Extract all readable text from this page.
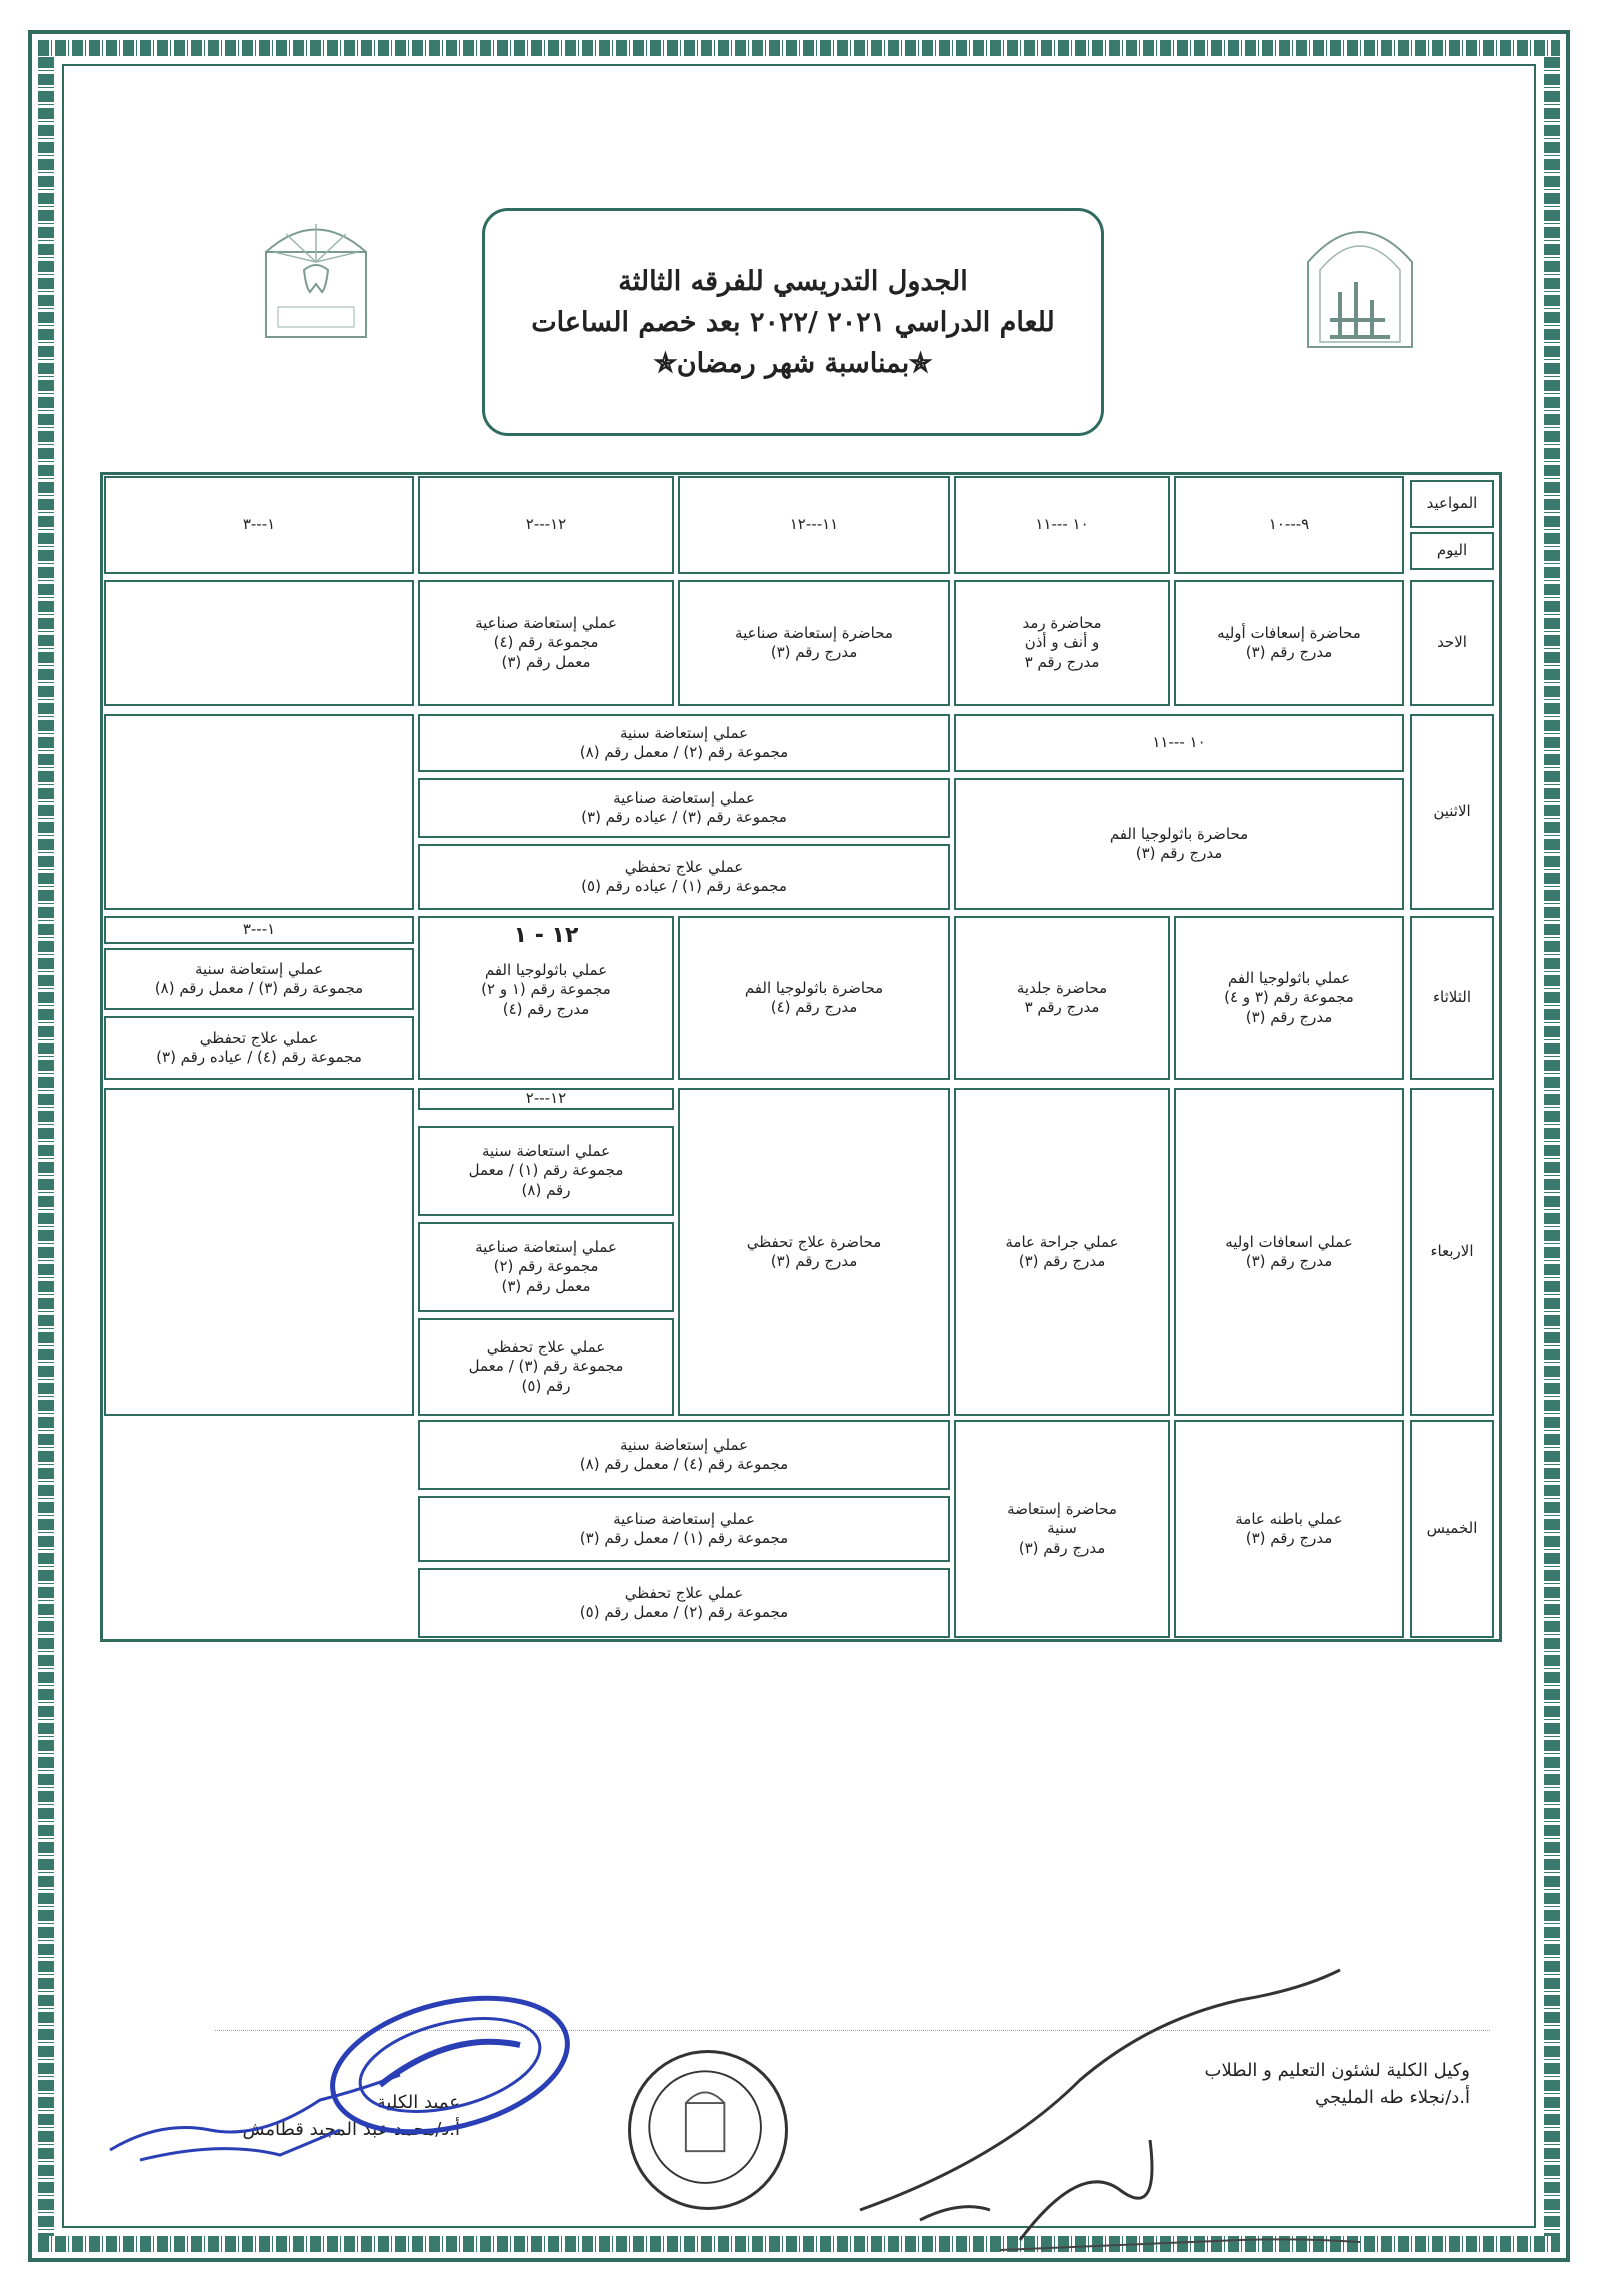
الجدول التدريسي للفرقه الثالثة
للعام الدراسي ٢٠٢١ /٢٠٢٢ بعد خصم الساعات
✯بمناسبة شهر رمضان✯
المواعيد
اليوم
٩---١٠
١٠ ---١١
١١---١٢
١٢---٢
١---٣
الاحد
محاضرة إسعافات أوليه
مدرج رقم (٣)
محاضرة رمد
و أنف و أذن
مدرج رقم ٣
محاضرة إستعاضة صناعية
مدرج رقم (٣)
عملي إستعاضة صناعية
مجموعة رقم (٤)
معمل رقم (٣)
الاثنين
١٠ ---١١
محاضرة باثولوجيا الفم
مدرج رقم (٣)
عملي إستعاضة سنية
مجموعة رقم (٢) / معمل رقم (٨)
عملي إستعاضة صناعية
مجموعة رقم (٣) / عياده رقم (٣)
عملي علاج تحفظي
مجموعة رقم (١) / عياده رقم (٥)
الثلاثاء
عملي باثولوجيا الفم
مجموعة رقم (٣ و ٤)
مدرج رقم (٣)
محاضرة جلدية
مدرج رقم ٣
محاضرة باثولوجيا الفم
مدرج رقم (٤)
١٢ - ١
عملي باثولوجيا الفم
مجموعة رقم (١ و ٢)
مدرج رقم (٤)
١---٣
عملي إستعاضة سنية
مجموعة رقم (٣) / معمل رقم (٨)
عملي علاج تحفظي
مجموعة رقم (٤) / عياده رقم (٣)
الاربعاء
عملي اسعافات اوليه
مدرج رقم (٣)
عملي جراحة عامة
مدرج رقم (٣)
محاضرة علاج تحفظي
مدرج رقم (٣)
١٢---٢
عملي استعاضة سنية
مجموعة رقم (١) / معمل
رقم (٨)
عملي إستعاضة صناعية
مجموعة رقم (٢)
معمل رقم (٣)
عملي علاج تحفظي
مجموعة رقم (٣) / معمل
رقم (٥)
الخميس
عملي باطنه عامة
مدرج رقم (٣)
محاضرة إستعاضة
سنية
مدرج رقم (٣)
عملي إستعاضة سنية
مجموعة رقم (٤) / معمل رقم (٨)
عملي إستعاضة صناعية
مجموعة رقم (١) / معمل رقم (٣)
عملي علاج تحفظي
مجموعة رقم (٢) / معمل رقم (٥)
وكيل الكلية لشئون التعليم و الطلاب
أ.د/نجلاء طه المليجي
عميد الكلية
أ.د/محمد عبد المجيد قطامش
